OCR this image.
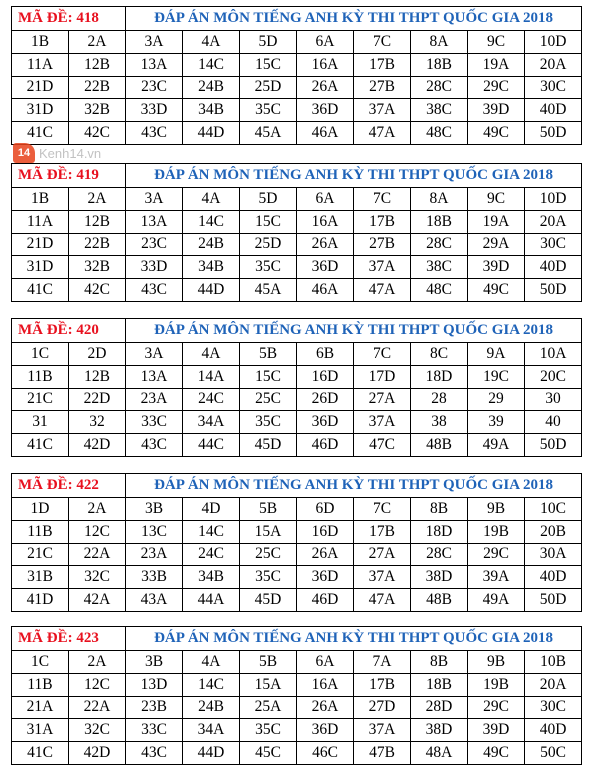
MÃ ĐỀ: 418		ĐÁP ÁN MÔN TIẾNG ANH KỲ THI THPT QUỐC GIA 2018							
1B	2A	3A	4A	5D	6A	7C	8A	9C	10D
11A	12B	13A	14C	15C	16A	17B	18B	19A	20A
21D	22B	23C	24B	25D	26A	27B	28C	29C	30C
31D	32B	33D	34B	35C	36D	37A	38C	39D	40D
41C	42C	43C	44D	45A	46A	47A	48C	49C	50D
MÃ ĐỀ: 419		ĐÁP ÁN MÔN TIẾNG ANH KỲ THI THPT QUỐC GIA 2018							
1B	2A	3A	4A	5D	6A	7C	8A	9C	10D
11A	12B	13A	14C	15C	16A	17B	18B	19A	20A
21D	22B	23C	24B	25D	26A	27B	28C	29A	30C
31D	32B	33D	34B	35C	36D	37A	38C	39D	40D
41C	42C	43C	44D	45A	46A	47A	48C	49C	50D
MÃ ĐỀ: 420		ĐÁP ÁN MÔN TIẾNG ANH KỲ THI THPT QUỐC GIA 2018							
1C	2D	3A	4A	5B	6B	7C	8C	9A	10A
11B	12B	13A	14A	15C	16D	17D	18D	19C	20C
21C	22D	23A	24C	25C	26D	27A	28	29	30
31	32	33C	34A	35C	36D	37A	38	39	40
41C	42D	43C	44C	45D	46D	47C	48B	49A	50D
MÃ ĐỀ: 422		ĐÁP ÁN MÔN TIẾNG ANH KỲ THI THPT QUỐC GIA 2018							
1D	2A	3B	4D	5B	6D	7C	8B	9B	10C
11B	12C	13C	14C	15A	16D	17B	18D	19B	20B
21C	22A	23A	24C	25C	26A	27A	28C	29C	30A
31B	32C	33B	34B	35C	36D	37A	38D	39A	40D
41D	42A	43A	44A	45D	46D	47A	48B	49A	50D
MÃ ĐỀ: 423		ĐÁP ÁN MÔN TIẾNG ANH KỲ THI THPT QUỐC GIA 2018							
1C	2A	3B	4A	5B	6A	7A	8B	9B	10B
11B	12C	13D	14C	15A	16A	17B	18B	19B	20A
21A	22A	23B	24B	25A	26A	27D	28D	29C	30C
31A	32C	33C	34A	35C	36D	37A	38D	39D	40D
41C	42D	43C	44D	45C	46C	47B	48A	49C	50C
14 Kenh14.vn
